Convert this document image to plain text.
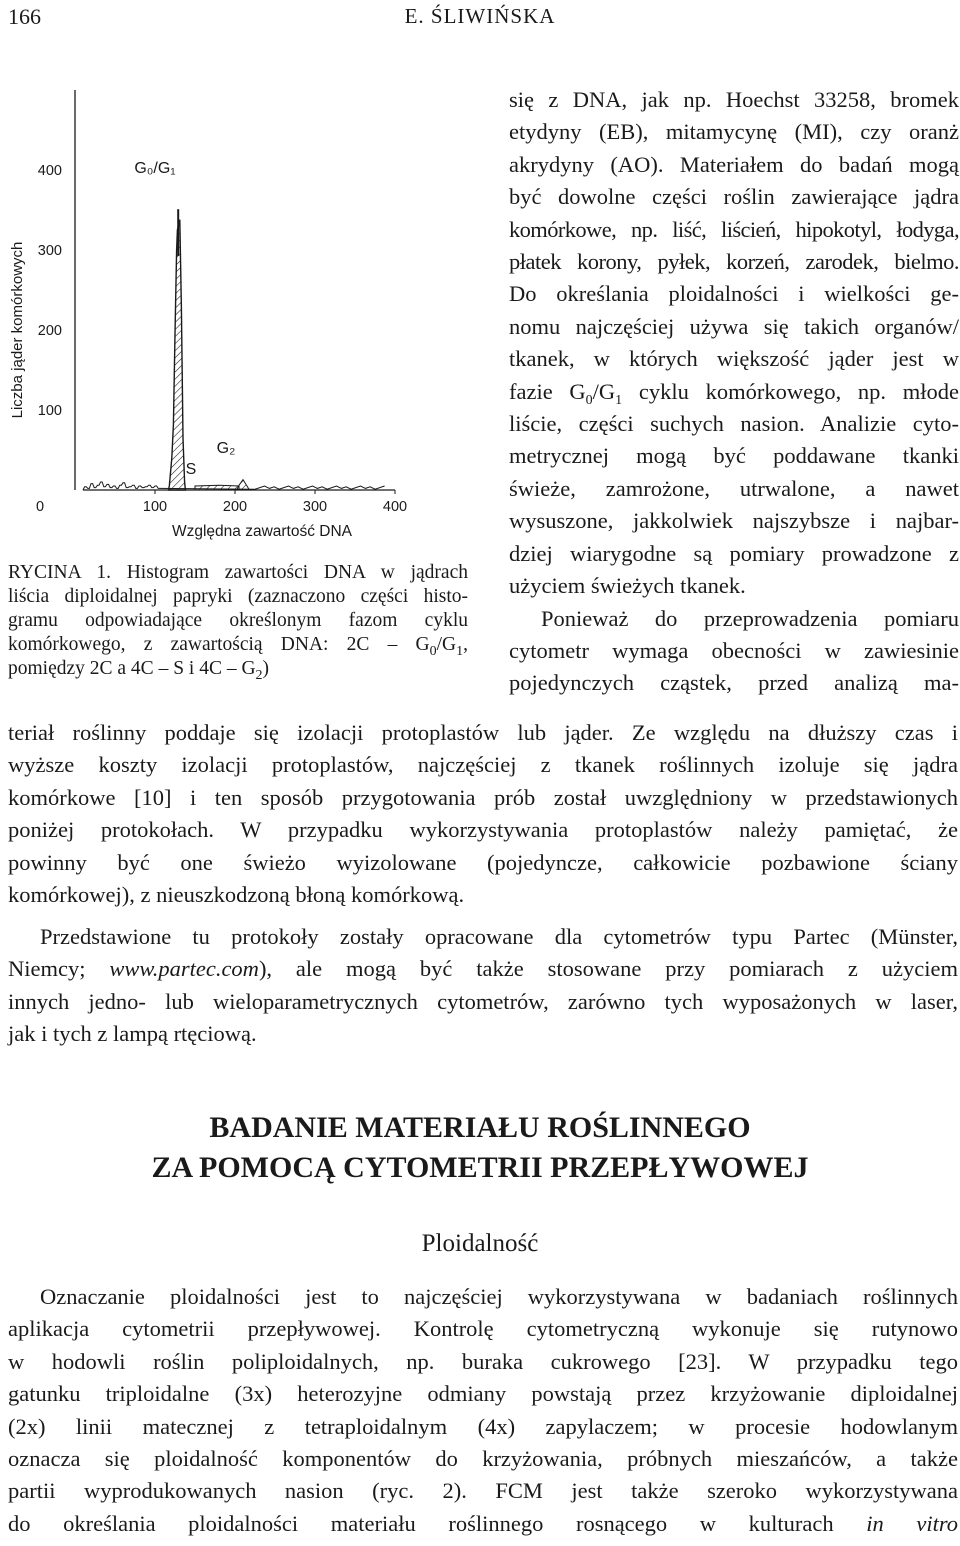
166	E. ŚLIWIŃSKA
100
200
300
400
0	100	200	300	400
Liczba jąder komórkowych
Względna zawartość DNA
G₀/G₁
S
G₂
RYCINA 1. Histogram zawartości DNA w jądrach
liścia diploidalnej papryki (zaznaczono części histo-
gramu odpowiadające określonym fazom cyklu
komórkowego, z zawartością DNA: $2C - G_0/G_1$,
pomiędzy 2C a 4C – S i $4C - G_2$)
się z DNA, jak np. Hoechst 33258, bromek
etydyny (EB), mitamycynę (MI), czy oranż
akrydyny (AO). Materiałem do badań mogą
być dowolne części roślin zawierające jądra
komórkowe, np. liść, liścień, hipokotyl, łodyga,
płatek korony, pyłek, korzeń, zarodek, bielmo.
Do określania ploidalności i wielkości ge-
nomu najczęściej używa się takich organów/
tkanek, w których większość jąder jest w
fazie $G_0/G_1$ cyklu komórkowego, np. młode
liście, części suchych nasion. Analizie cyto-
metrycznej mogą być poddawane tkanki
świeże, zamrożone, utrwalone, a nawet
wysuszone, jakkolwiek najszybsze i najbar-
dziej wiarygodne są pomiary prowadzone z
użyciem świeżych tkanek.
Ponieważ do przeprowadzenia pomiaru
cytometr wymaga obecności w zawiesinie
pojedynczych cząstek, przed analizą ma-
teriał roślinny poddaje się izolacji protoplastów lub jąder. Ze względu na dłuższy czas i
wyższe koszty izolacji protoplastów, najczęściej z tkanek roślinnych izoluje się jądra
komórkowe [10] i ten sposób przygotowania prób został uwzględniony w przedstawionych
poniżej protokołach. W przypadku wykorzystywania protoplastów należy pamiętać, że
powinny być one świeżo wyizolowane (pojedyncze, całkowicie pozbawione ściany
komórkowej), z nieuszkodzoną błoną komórkową.
Przedstawione tu protokoły zostały opracowane dla cytometrów typu Partec (Münster,
Niemcy; www.partec.com), ale mogą być także stosowane przy pomiarach z użyciem
innych jedno- lub wieloparametrycznych cytometrów, zarówno tych wyposażonych w laser,
jak i tych z lampą rtęciową.
BADANIE MATERIAŁU ROŚLINNEGO
ZA POMOCĄ CYTOMETRII PRZEPŁYWOWEJ
Ploidalność
Oznaczanie ploidalności jest to najczęściej wykorzystywana w badaniach roślinnych
aplikacja cytometrii przepływowej. Kontrolę cytometryczną wykonuje się rutynowo
w hodowli roślin poliploidalnych, np. buraka cukrowego [23]. W przypadku tego
gatunku triploidalne (3x) heterozyjne odmiany powstają przez krzyżowanie diploidalnej
(2x) linii matecznej z tetraploidalnym (4x) zapylaczem; w procesie hodowlanym
oznacza się ploidalność komponentów do krzyżowania, próbnych mieszańców, a także
partii wyprodukowanych nasion (ryc. 2). FCM jest także szeroko wykorzystywana
do określania ploidalności materiału roślinnego rosnącego w kulturach in vitro
